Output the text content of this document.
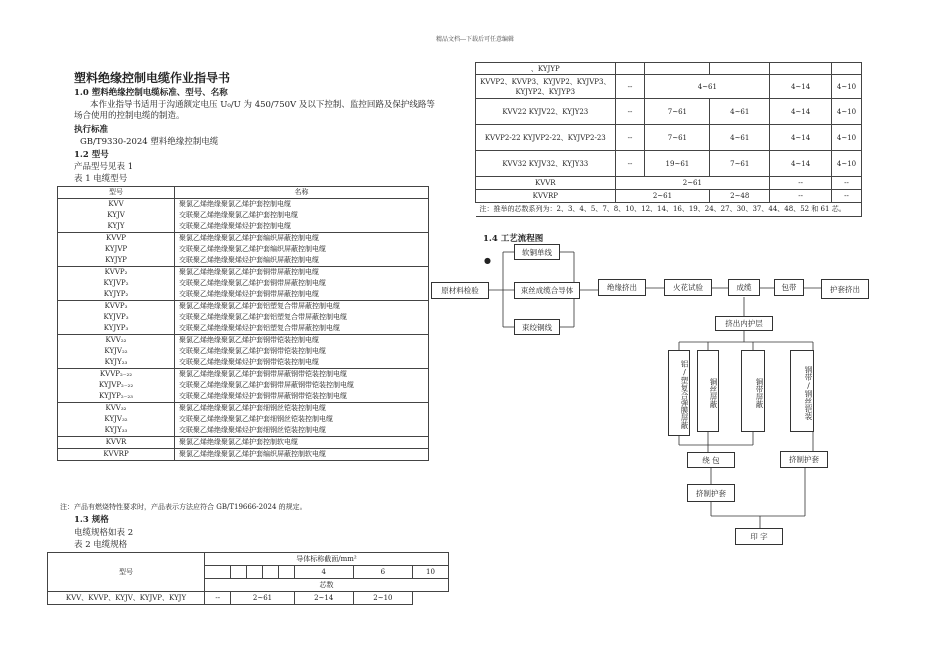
精品文档---下载后可任意编辑
塑料绝缘控制电缆作业指导书
1.0 塑料绝缘控制电缆标准、型号、名称
本作业指导书适用于沟通额定电压 U₀/U 为 450/750V 及以下控制、监控回路及保护线路等
场合使用的控制电缆的制造。
执行标准
GB/T9330-2024 塑料绝缘控制电缆
1.2 型号
产品型号见表 1
表 1 电缆型号
型号	名称
KVV	聚氯乙烯绝缘聚氯乙烯护套控制电缆
KYJV	交联聚乙烯绝缘聚氯乙烯护套控制电缆
KYJY	交联聚乙烯绝缘聚烯烃护套控制电缆
KVVP	聚氯乙烯绝缘聚氯乙烯护套编织屏蔽控制电缆
KYJVP	交联聚乙烯绝缘聚氯乙烯护套编织屏蔽控制电缆
KYJYP	交联聚乙烯绝缘聚烯烃护套编织屏蔽控制电缆
KVVP₂	聚氯乙烯绝缘聚氯乙烯护套铜带屏蔽控制电缆
KYJVP₂	交联聚乙烯绝缘聚氯乙烯护套铜带屏蔽控制电缆
KYJYP₂	交联聚乙烯绝缘聚烯烃护套铜带屏蔽控制电缆
KVVP₃	聚氯乙烯绝缘聚氯乙烯护套铝塑复合带屏蔽控制电缆
KYJVP₃	交联聚乙烯绝缘聚氯乙烯护套铝塑复合带屏蔽控制电缆
KYJYP₃	交联聚乙烯绝缘聚烯烃护套铝塑复合带屏蔽控制电缆
KVV₂₂	聚氯乙烯绝缘聚氯乙烯护套钢带铠装控制电缆
KYJV₂₂	交联聚乙烯绝缘聚氯乙烯护套钢带铠装控制电缆
KYJY₂₃	交联聚乙烯绝缘聚烯烃护套钢带铠装控制电缆
KVVP₂₋₂₂	聚氯乙烯绝缘聚氯乙烯护套铜带屏蔽钢带铠装控制电缆
KYJVP₂₋₂₂	交联聚乙烯绝缘聚氯乙烯护套铜带屏蔽钢带铠装控制电缆
KYJYP₂₋₂₃	交联聚乙烯绝缘聚烯烃护套铜带屏蔽钢带铠装控制电缆
KVV₃₂	聚氯乙烯绝缘聚氯乙烯护套细钢丝铠装控制电缆
KYJV₃₂	交联聚乙烯绝缘聚氯乙烯护套细钢丝铠装控制电缆
KYJY₃₃	交联聚乙烯绝缘聚烯烃护套细钢丝铠装控制电缆
KVVR	聚氯乙烯绝缘聚氯乙烯护套控制软电缆
KVVRP	聚氯乙烯绝缘聚氯乙烯护套编织屏蔽控制软电缆
注：产品有燃烧特性要求时，产品表示方法应符合 GB/T19666-2024 的规定。
1.3 规格
电缆规格如表 2
表 2 电缆规格
型号	导体标称截面/mm²							
						4	6	10
	芯数							
KVV、KVVP、KYJV、KYJVP、KYJY	--	2~61				2~14	2~10
、KYJYP					
KVVP2、KVVP3、KYJVP2、KYJVP3、KYJYP2、KYJYP3	--	4~61		4~14	4~10
KVV22 KYJV22、KYJY23	--	7~61	4~61	4~14	4~10
KVVP2-22 KYJVP2-22、KYJVP2-23	--	7~61	4~61	4~14	4~10
KVV32 KYJV32、KYJY33	--	19~61	7~61	4~14	4~10
KVVR	2~61			--	--
KVVRP	2~61		2~48	--	--
注：推举的芯数系列为：2、3、4、5、7、8、10、12、14、16、19、24、27、30、37、44、48、52 和 61 芯。					
1.4 工艺流程图
●
原材料检验
软铜单线
束丝成缆合导体
束绞铜线
绝缘挤出	火花试验	成缆	包带	护套挤出
挤出内护层
铝/塑复合弹膜屏蔽	铜丝屏蔽	铜带屏蔽	钢带/钢丝铠装
绕 包	挤制护套
挤制护套
印 字
